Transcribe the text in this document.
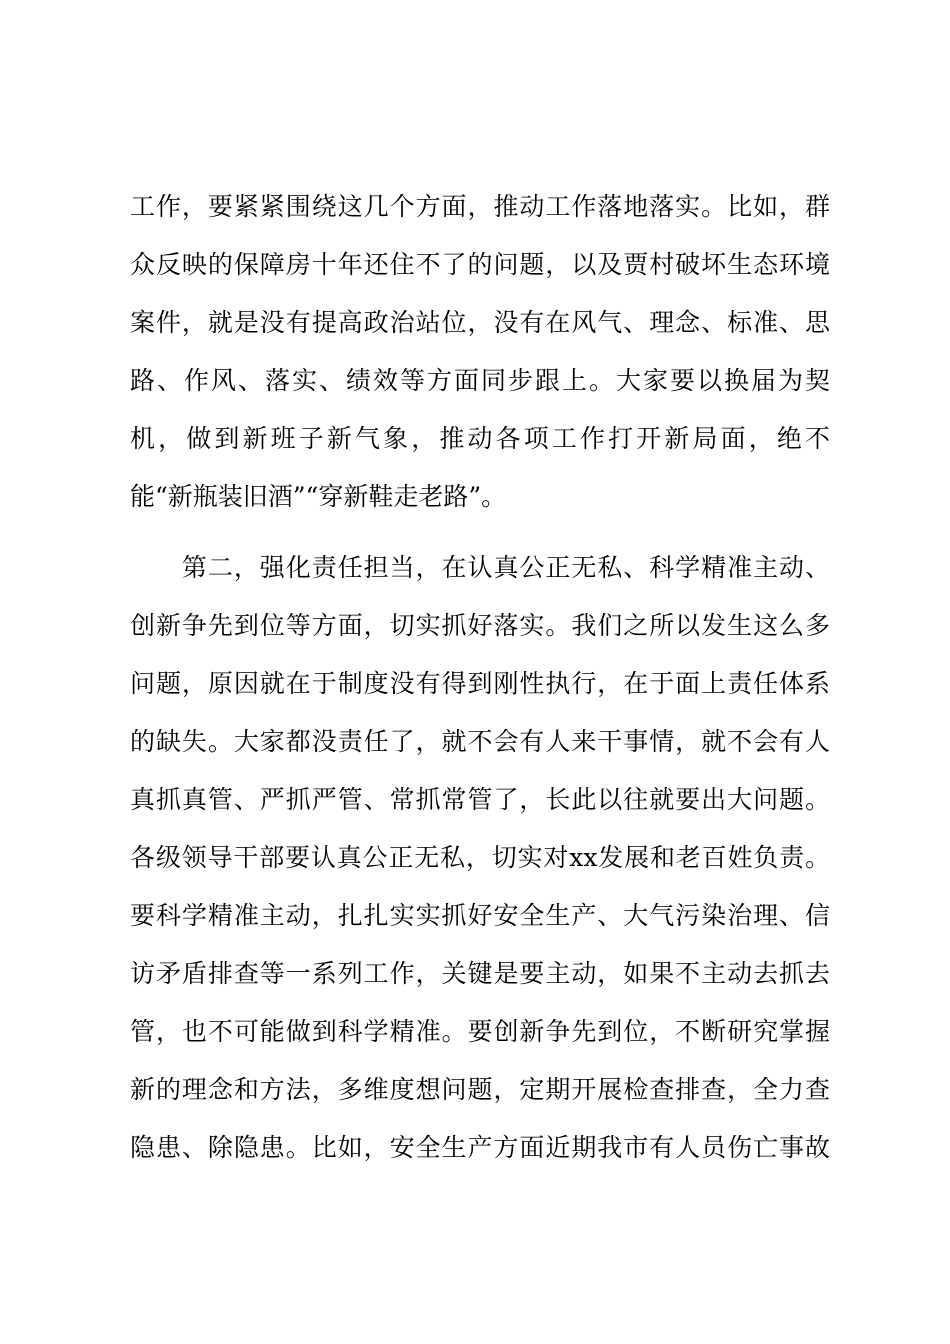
工作，要紧紧围绕这几个方面，推动工作落地落实。比如，群
众反映的保障房十年还住不了的问题，以及贾村破坏生态环境
案件，就是没有提高政治站位，没有在风气、理念、标准、思
路、作风、落实、绩效等方面同步跟上。大家要以换届为契
机，做到新班子新气象，推动各项工作打开新局面，绝不
能“新瓶装旧酒”“穿新鞋走老路”。
　　第二，强化责任担当，在认真公正无私、科学精准主动、
创新争先到位等方面，切实抓好落实。我们之所以发生这么多
问题，原因就在于制度没有得到刚性执行，在于面上责任体系
的缺失。大家都没责任了，就不会有人来干事情，就不会有人
真抓真管、严抓严管、常抓常管了，长此以往就要出大问题。
各级领导干部要认真公正无私，切实对xx发展和老百姓负责。
要科学精准主动，扎扎实实抓好安全生产、大气污染治理、信
访矛盾排查等一系列工作，关键是要主动，如果不主动去抓去
管，也不可能做到科学精准。要创新争先到位，不断研究掌握
新的理念和方法，多维度想问题，定期开展检查排查，全力查
隐患、除隐患。比如，安全生产方面近期我市有人员伤亡事故
